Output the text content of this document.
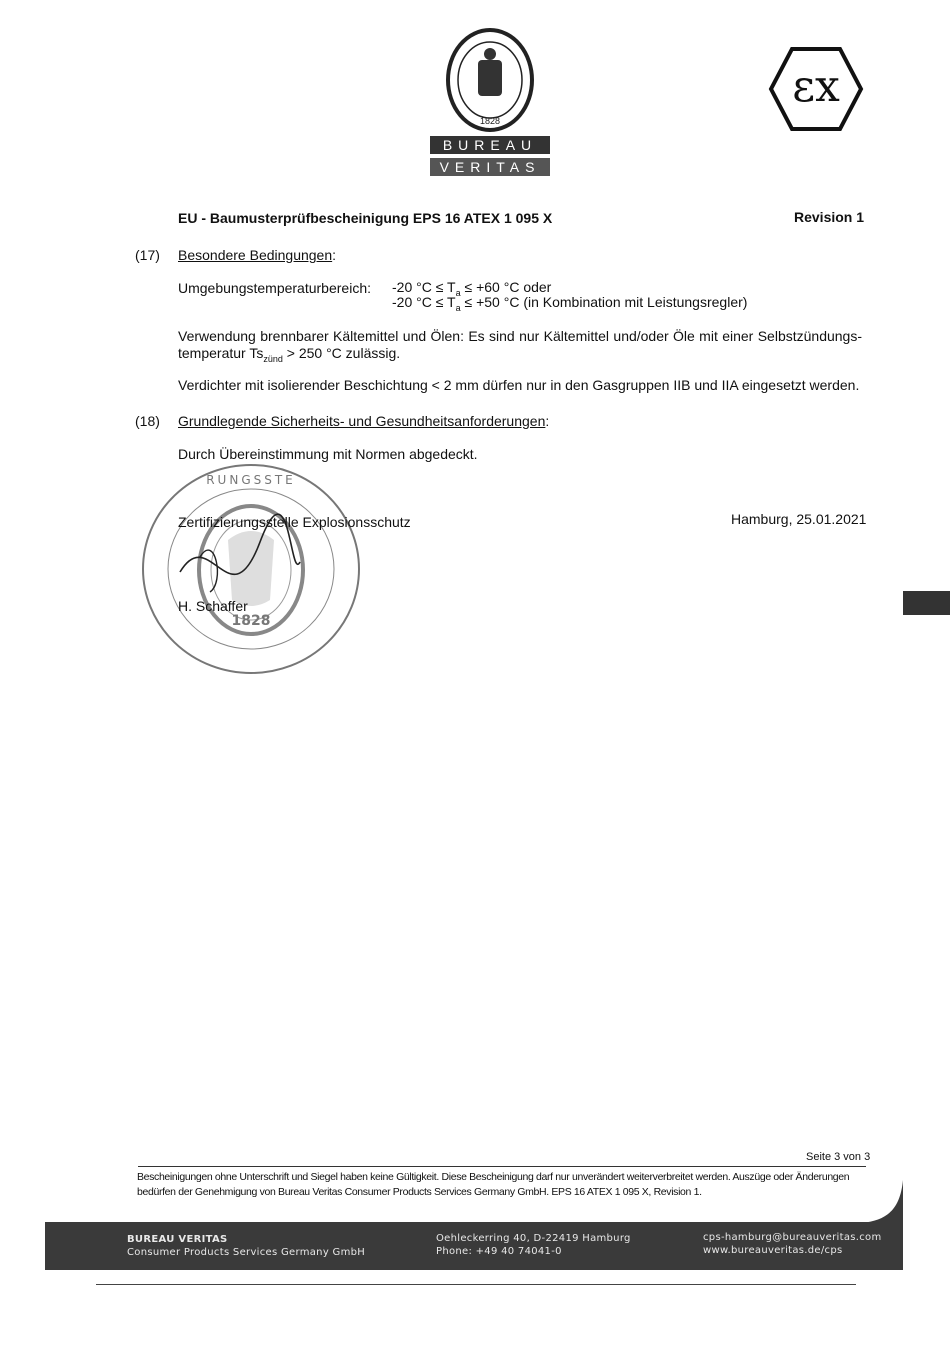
BUREAU
VERITAS
1828
εx
EU - Baumusterprüfbescheinigung EPS 16 ATEX 1 095 X	Revision 1
(17) Besondere Bedingungen:
Umgebungstemperaturbereich: -20 $^\circ C \le T_a \le +60$ °C oder
-20 $^\circ C \le T_a \le +50$ °C (in Kombination mit Leistungsregler)
Verwendung brennbarer Kältemittel und Ölen: Es sind nur Kältemittel und/oder Öle mit einer Selbstzündungs-
temperatur $Ts_{zünd} > 250$ °C zulässig.
Verdichter mit isolierender Beschichtung < 2 mm dürfen nur in den Gasgruppen IIB und IIA eingesetzt werden.
(18) Grundlegende Sicherheits- und Gesundheitsanforderungen:
Durch Übereinstimmung mit Normen abgedeckt.
1828
RUNGSSTE
Zertifizierungsstelle Explosionsschutz	Hamburg, 25.01.2021
H. Schaffer
Seite 3 von 3
Bescheinigungen ohne Unterschrift und Siegel haben keine Gültigkeit. Diese Bescheinigung darf nur unverändert weiterverbreitet werden. Auszüge oder Änderungen
bedürfen der Genehmigung von Bureau Veritas Consumer Products Services Germany GmbH. EPS 16 ATEX 1 095 X, Revision 1.
BUREAU VERITAS
Consumer Products Services Germany GmbH
Oehleckerring 40, D-22419 Hamburg
Phone: +49 40 74041-0
cps-hamburg@bureauveritas.com
www.bureauveritas.de/cps
